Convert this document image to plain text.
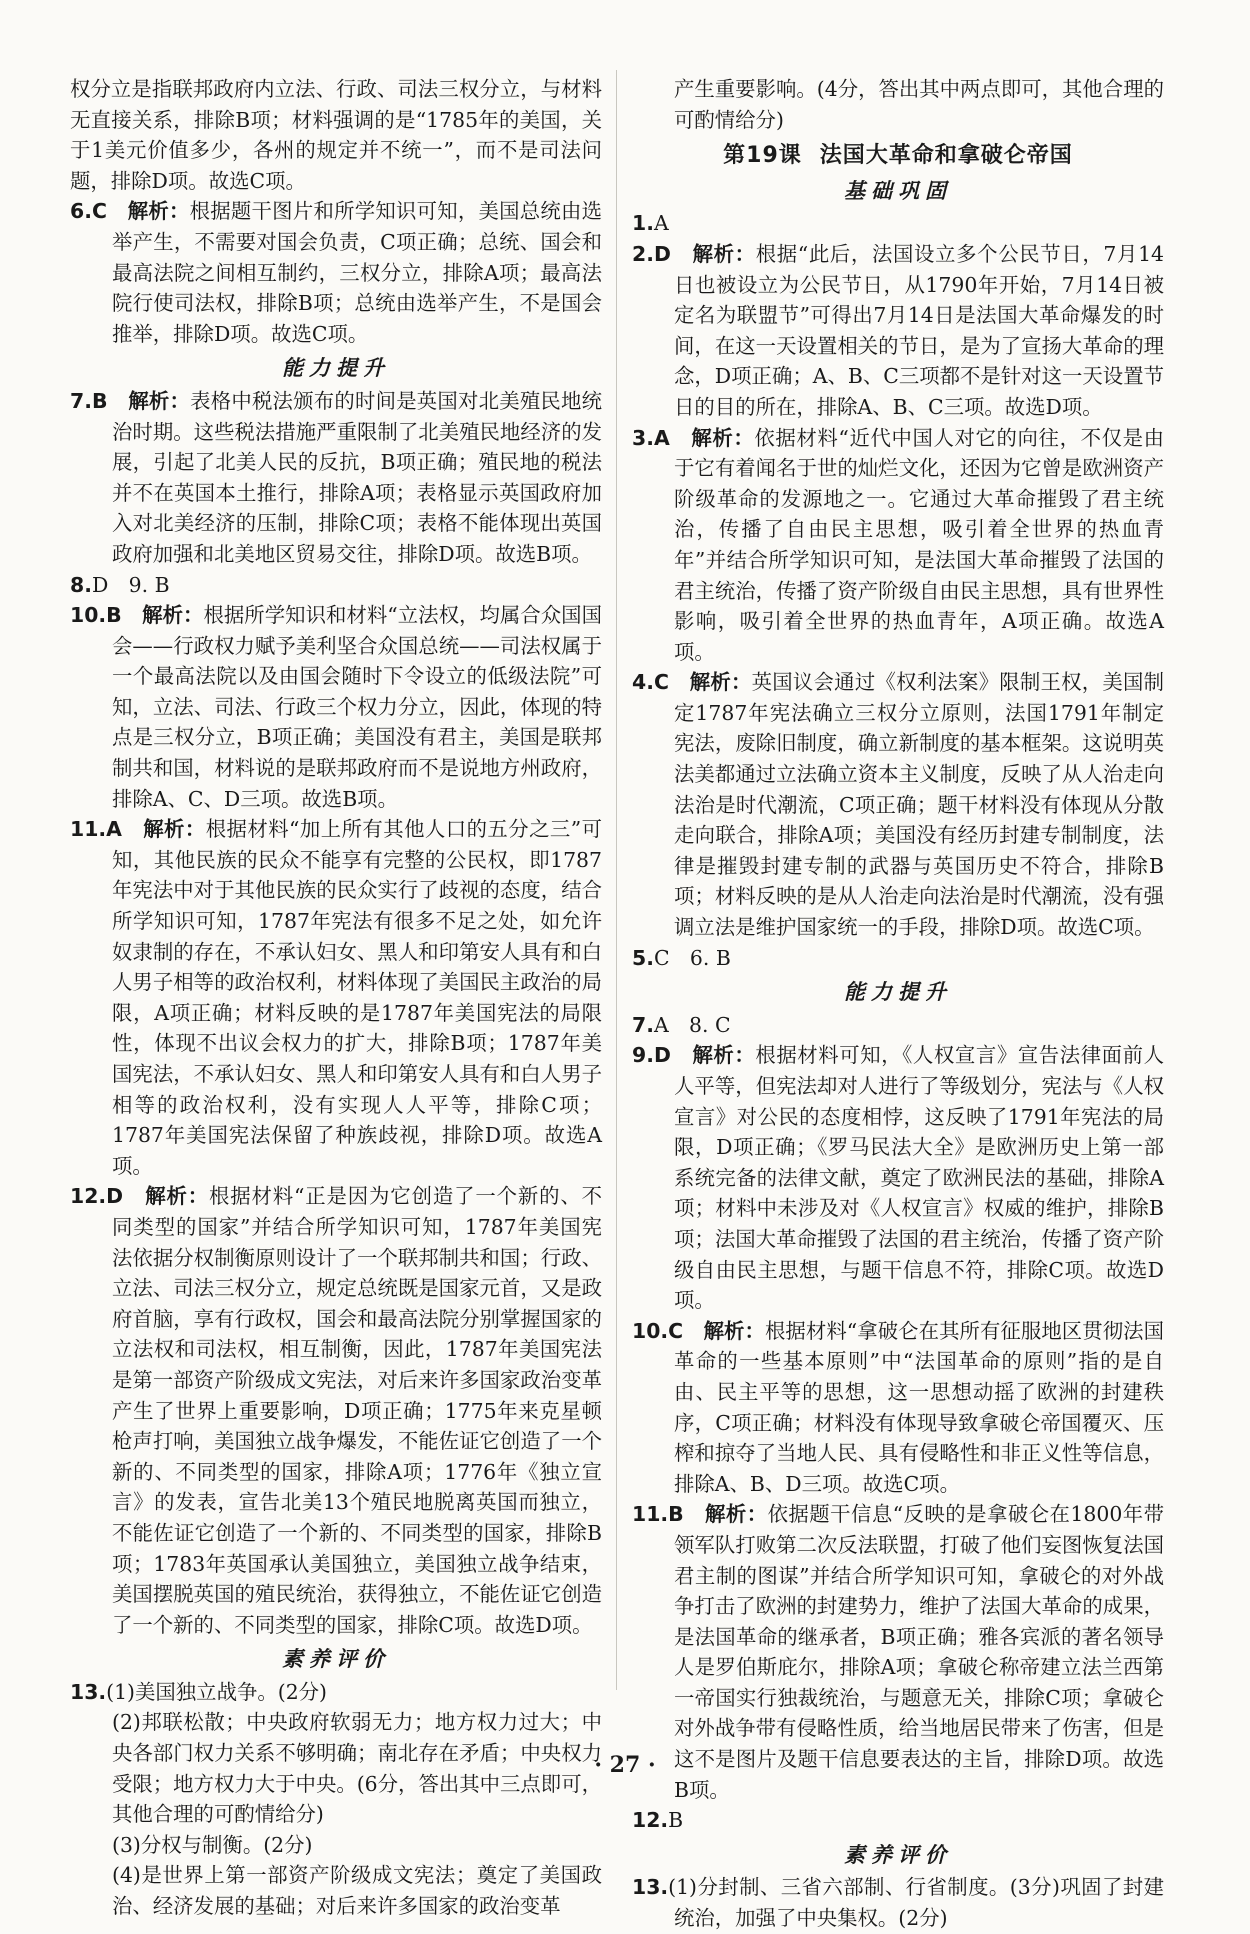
权分立是指联邦政府内立法、行政、司法三权分立，与材料无直接关系，排除B项；材料强调的是“1785年的美国，关于1美元价值多少，各州的规定并不统一”，而不是司法问题，排除D项。故选C项。

6.C　 解析：根据题干图片和所学知识可知，美国总统由选举产生，不需要对国会负责，C项正确；总统、国会和最高法院之间相互制约，三权分立，排除A项；最高法院行使司法权，排除B项；总统由选举产生，不是国会推举，排除D项。故选C项。

能力提升

7.B　 解析：表格中税法颁布的时间是英国对北美殖民地统治时期。这些税法措施严重限制了北美殖民地经济的发展，引起了北美人民的反抗，B项正确；殖民地的税法并不在英国本土推行，排除A项；表格显示英国政府加入对北美经济的压制，排除C项；表格不能体现出英国政府加强和北美地区贸易交往，排除D项。故选B项。

8.D　9. B

10.B　 解析：根据所学知识和材料“立法权，均属合众国国会——行政权力赋予美利坚合众国总统——司法权属于一个最高法院以及由国会随时下令设立的低级法院”可知，立法、司法、行政三个权力分立，因此，体现的特点是三权分立，B项正确；美国没有君主，美国是联邦制共和国，材料说的是联邦政府而不是说地方州政府，排除A、C、D三项。故选B项。

11.A　 解析：根据材料“加上所有其他人口的五分之三”可知，其他民族的民众不能享有完整的公民权，即1787年宪法中对于其他民族的民众实行了歧视的态度，结合所学知识可知，1787年宪法有很多不足之处，如允许奴隶制的存在，不承认妇女、黑人和印第安人具有和白人男子相等的政治权利，材料体现了美国民主政治的局限，A项正确；材料反映的是1787年美国宪法的局限性，体现不出议会权力的扩大，排除B项；1787年美国宪法，不承认妇女、黑人和印第安人具有和白人男子相等的政治权利，没有实现人人平等，排除C项；1787年美国宪法保留了种族歧视，排除D项。故选A项。

12.D　 解析：根据材料“正是因为它创造了一个新的、不同类型的国家”并结合所学知识可知，1787年美国宪法依据分权制衡原则设计了一个联邦制共和国；行政、立法、司法三权分立，规定总统既是国家元首，又是政府首脑，享有行政权，国会和最高法院分别掌握国家的立法权和司法权，相互制衡，因此，1787年美国宪法是第一部资产阶级成文宪法，对后来许多国家政治变革产生了世界上重要影响，D项正确；1775年来克星顿枪声打响，美国独立战争爆发，不能佐证它创造了一个新的、不同类型的国家，排除A项；1776年《独立宣言》的发表，宣告北美13个殖民地脱离英国而独立，不能佐证它创造了一个新的、不同类型的国家，排除B项；1783年英国承认美国独立，美国独立战争结束，美国摆脱英国的殖民统治，获得独立，不能佐证它创造了一个新的、不同类型的国家，排除C项。故选D项。

素养评价

13.(1)美国独立战争。(2分)

(2)邦联松散；中央政府软弱无力；地方权力过大；中央各部门权力关系不够明确；南北存在矛盾；中央权力受限；地方权力大于中央。(6分，答出其中三点即可，其他合理的可酌情给分)

(3)分权与制衡。(2分)

(4)是世界上第一部资产阶级成文宪法；奠定了美国政治、经济发展的基础；对后来许多国家的政治变革

产生重要影响。(4分，答出其中两点即可，其他合理的可酌情给分)

第19课 法国大革命和拿破仑帝国
基础巩固

1.A

2.D　 解析：根据“此后，法国设立多个公民节日，7月14日也被设立为公民节日，从1790年开始，7月14日被定名为联盟节”可得出7月14日是法国大革命爆发的时间，在这一天设置相关的节日，是为了宣扬大革命的理念，D项正确；A、B、C三项都不是针对这一天设置节日的目的所在，排除A、B、C三项。故选D项。

3.A　 解析：依据材料“近代中国人对它的向往，不仅是由于它有着闻名于世的灿烂文化，还因为它曾是欧洲资产阶级革命的发源地之一。它通过大革命摧毁了君主统治，传播了自由民主思想，吸引着全世界的热血青年”并结合所学知识可知，是法国大革命摧毁了法国的君主统治，传播了资产阶级自由民主思想，具有世界性影响，吸引着全世界的热血青年，A项正确。故选A项。

4.C　 解析：英国议会通过《权利法案》限制王权，美国制定1787年宪法确立三权分立原则，法国1791年制定宪法，废除旧制度，确立新制度的基本框架。这说明英法美都通过立法确立资本主义制度，反映了从人治走向法治是时代潮流，C项正确；题干材料没有体现从分散走向联合，排除A项；美国没有经历封建专制制度，法律是摧毁封建专制的武器与英国历史不符合，排除B项；材料反映的是从人治走向法治是时代潮流，没有强调立法是维护国家统一的手段，排除D项。故选C项。

5.C　6. B

能力提升

7.A　8. C

9.D　 解析：根据材料可知，《人权宣言》宣告法律面前人人平等，但宪法却对人进行了等级划分，宪法与《人权宣言》对公民的态度相悖，这反映了1791年宪法的局限，D项正确；《罗马民法大全》是欧洲历史上第一部系统完备的法律文献，奠定了欧洲民法的基础，排除A项；材料中未涉及对《人权宣言》权威的维护，排除B项；法国大革命摧毁了法国的君主统治，传播了资产阶级自由民主思想，与题干信息不符，排除C项。故选D项。

10.C　 解析：根据材料“拿破仑在其所有征服地区贯彻法国革命的一些基本原则”中“法国革命的原则”指的是自由、民主平等的思想，这一思想动摇了欧洲的封建秩序，C项正确；材料没有体现导致拿破仑帝国覆灭、压榨和掠夺了当地人民、具有侵略性和非正义性等信息，排除A、B、D三项。故选C项。

11.B　 解析：依据题干信息“反映的是拿破仑在1800年带领军队打败第二次反法联盟，打破了他们妄图恢复法国君主制的图谋”并结合所学知识可知，拿破仑的对外战争打击了欧洲的封建势力，维护了法国大革命的成果，是法国革命的继承者，B项正确；雅各宾派的著名领导人是罗伯斯庇尔，排除A项；拿破仑称帝建立法兰西第一帝国实行独裁统治，与题意无关，排除C项；拿破仑对外战争带有侵略性质，给当地居民带来了伤害，但是这不是图片及题干信息要表达的主旨，排除D项。故选B项。

12.B

素养评价

13.(1)分封制、三省六部制、行省制度。(3分)巩固了封建统治，加强了中央集权。(2分)

· 27 ·
